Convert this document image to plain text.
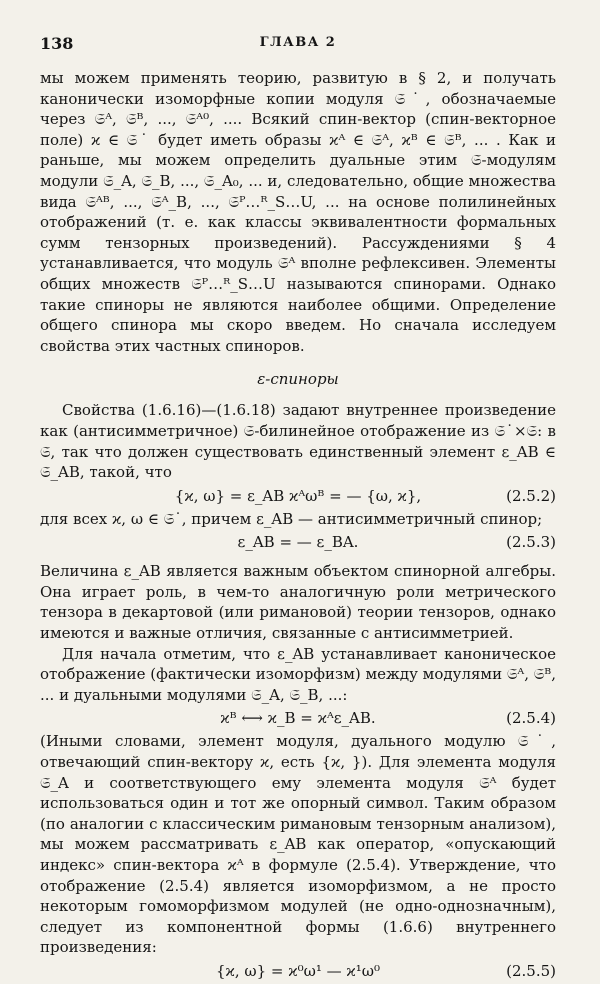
138	ГЛАВА 2

мы можем применять теорию, развитую в § 2, и получать канонически изоморфные копии модуля 𝔖˙, обозначаемые через 𝔖ᴬ, 𝔖ᴮ, ..., 𝔖ᴬ⁰, .... Всякий спин-вектор (спин-векторное поле) ϰ ∈ 𝔖˙ будет иметь образы ϰᴬ ∈ 𝔖ᴬ, ϰᴮ ∈ 𝔖ᴮ, ... . Как и раньше, мы можем определить дуальные этим 𝔖-модулям модули 𝔖_A, 𝔖_B, ..., 𝔖_A₀, ... и, следовательно, общие множества вида 𝔖ᴬᴮ, ..., 𝔖ᴬ_B, ..., 𝔖ᴾ…ᴿ_S…U, ... на основе полилинейных отображений (т. е. как классы эквивалентности формальных сумм тензорных произведений). Рассуждениями § 4 устанавливается, что модуль 𝔖ᴬ вполне рефлексивен. Элементы общих множеств 𝔖ᴾ…ᴿ_S…U называются спинорами. Однако такие спиноры не являются наиболее общими. Определение общего спинора мы скоро введем. Но сначала исследуем свойства этих частных спиноров.

ε-спиноры

Свойства (1.6.16)—(1.6.18) задают внутреннее произведение как (антисимметричное) 𝔖-билинейное отображение из 𝔖˙×𝔖: в 𝔖, так что должен существовать единственный элемент ε_AB ∈ 𝔖_AB, такой, что

{ϰ, ω} = ε_AB ϰᴬωᴮ = — {ω, ϰ},	(2.5.2)

для всех ϰ, ω ∈ 𝔖˙, причем ε_AB — антисимметричный спинор;

ε_AB = — ε_BA.	(2.5.3)

Величина ε_AB является важным объектом спинорной алгебры. Она играет роль, в чем-то аналогичную роли метрического тензора в декартовой (или римановой) теории тензоров, однако имеются и важные отличия, связанные с антисимметрией.

Для начала отметим, что ε_AB устанавливает каноническое отображение (фактически изоморфизм) между модулями 𝔖ᴬ, 𝔖ᴮ, ... и дуальными модулями 𝔖_A, 𝔖_B, ...:

ϰᴮ ⟷ ϰ_B = ϰᴬε_AB.	(2.5.4)

(Иными словами, элемент модуля, дуального модулю 𝔖˙, отвечающий спин-вектору ϰ, есть {ϰ, }). Для элемента модуля 𝔖_A и соответствующего ему элемента модуля 𝔖ᴬ будет использоваться один и тот же опорный символ. Таким образом (по аналогии с классическим римановым тензорным анализом), мы можем рассматривать ε_AB как оператор, «опускающий индекс» спин-вектора ϰᴬ в формуле (2.5.4). Утверждение, что отображение (2.5.4) является изоморфизмом, а не просто некоторым гомоморфизмом модулей (не одно-однозначным), следует из компонентной формы (1.6.6) внутреннего произведения:

{ϰ, ω} = ϰ⁰ω¹ — ϰ¹ω⁰	(2.5.5)
